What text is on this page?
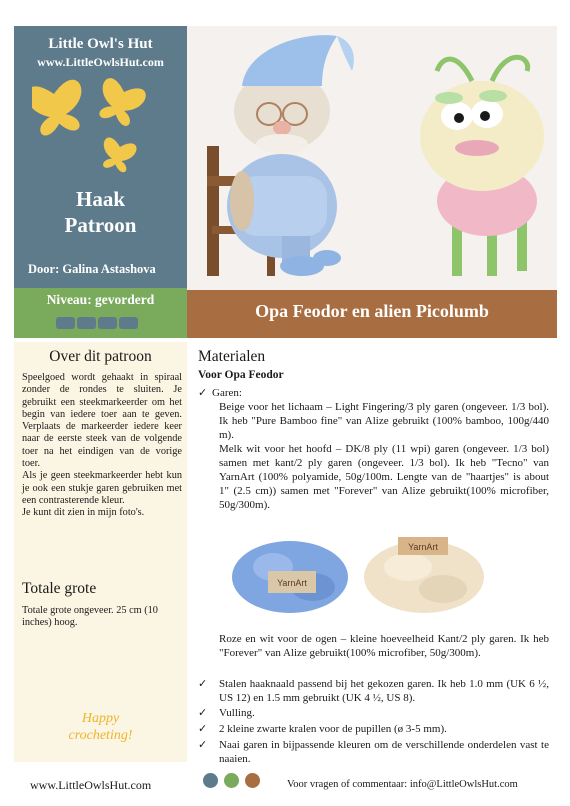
Little Owl's Hut
www.LittleOwlsHut.com
Haak
Patroon
Door: Galina Astashova
Niveau: gevorderd
Opa Feodor en alien Picolumb
Over dit patroon

Speelgoed wordt gehaakt in spiraal zonder de rondes te sluiten. Je gebruikt een steekmarkeerder om het begin van iedere toer aan te geven. Verplaats de markeerder iedere keer naar de eerste steek van de volgende toer na het eindigen van de vorige toer.

Als je geen steekmarkeerder hebt kun je ook een stukje garen gebruiken met een contrasterende kleur.

Je kunt dit zien in mijn foto's.

Totale grote
Totale grote ongeveer. 25 cm (10 inches) hoog.
Happy
crocheting!
Materialen
Voor Opa Feodor
✓ Garen:
Beige voor het lichaam – Light Fingering/3 ply garen (ongeveer. 1/3 bol). Ik heb "Pure Bamboo fine" van Alize gebruikt (100% bamboo, 100g/440 m).
Melk wit voor het hoofd – DK/8 ply (11 wpi) garen (ongeveer. 1/3 bol) samen met kant/2 ply garen (ongeveer. 1/3 bol). Ik heb "Tecno" van YarnArt (100% polyamide, 50g/100m. Lengte van de "haartjes" is about 1" (2.5 cm)) samen met "Forever" van Alize gebruikt(100% microfiber, 50g/300m).
Roze en wit voor de ogen – kleine hoeveelheid Kant/2 ply garen. Ik heb "Forever" van Alize gebruikt(100% microfiber, 50g/300m).
✓ Stalen haaknaald passend bij het gekozen garen. Ik heb 1.0 mm (UK 6 ½, US 12) en 1.5 mm gebruikt (UK 4 ½, US 8).
✓ Vulling.
✓ 2 kleine zwarte kralen voor de pupillen (ø 3-5 mm).
✓ Naai garen in bijpassende kleuren om de verschillende onderdelen vast te naaien.
YarnArt
YarnArt
www.LittleOwlsHut.com	Voor vragen of commentaar: info@LittleOwlsHut.com
